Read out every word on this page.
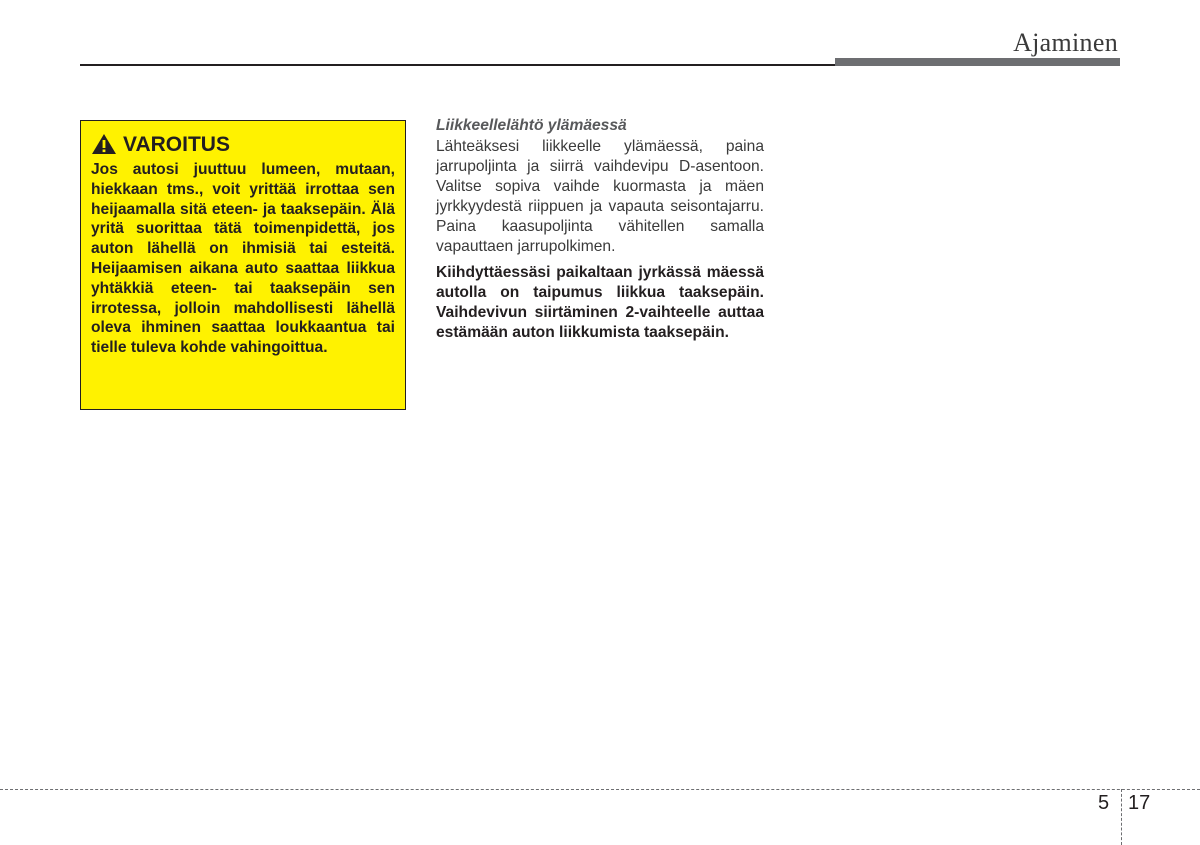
Ajaminen
VAROITUS
Jos autosi juuttuu lumeen, mutaan, hiekkaan tms., voit yrittää irrottaa sen heijaamalla sitä eteen- ja taaksepäin. Älä yritä suorittaa tätä toimenpidettä, jos auton lähellä on ihmisiä tai esteitä. Heijaamisen aikana auto saattaa liikkua yhtäkkiä eteen- tai taaksepäin sen irrotessa, jolloin mahdollisesti lähellä oleva ihminen saattaa loukkaantua tai tielle tuleva kohde vahingoittua.

Liikkeellelähtö ylämäessä

Lähteäksesi liikkeelle ylämäessä, paina jarrupoljinta ja siirrä vaihdevipu D-asentoon. Valitse sopiva vaihde kuormasta ja mäen jyrkkyydestä riippuen ja vapauta seisontajarru. Paina kaasupoljinta vähitellen samalla vapauttaen jarrupolkimen.

Kiihdyttäessäsi paikaltaan jyrkässä mäessä autolla on taipumus liikkua taaksepäin. Vaihdevivun siirtäminen 2-vaihteelle auttaa estämään auton liikkumista taaksepäin.

5 17
